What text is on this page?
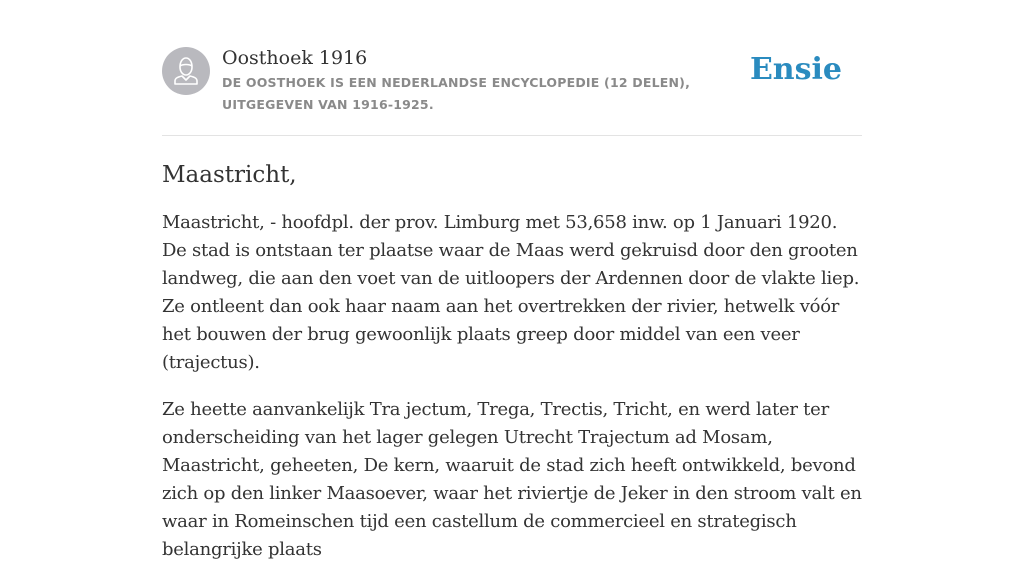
Oosthoek 1916
DE OOSTHOEK IS EEN NEDERLANDSE ENCYCLOPEDIE (12 DELEN), UITGEGEVEN VAN 1916-1925.
Ensie
Maastricht,

Maastricht, - hoofdpl. der prov. Limburg met 53,658 inw. op 1 Januari 1920. De stad is ontstaan ter plaatse waar de Maas werd gekruisd door den grooten landweg, die aan den voet van de uitloopers der Ardennen door de vlakte liep. Ze ontleent dan ook haar naam aan het overtrekken der rivier, hetwelk vóór het bouwen der brug gewoonlijk plaats greep door middel van een veer (trajectus).

Ze heette aanvankelijk Tra jectum, Trega, Trectis, Tricht, en werd later ter onderscheiding van het lager gelegen Utrecht Trajectum ad Mosam, Maastricht, geheeten, De kern, waaruit de stad zich heeft ontwikkeld, bevond zich op den linker Maasoever, waar het riviertje de Jeker in den stroom valt en waar in Romeinschen tijd een castellum de commercieel en strategisch belangrijke plaats
